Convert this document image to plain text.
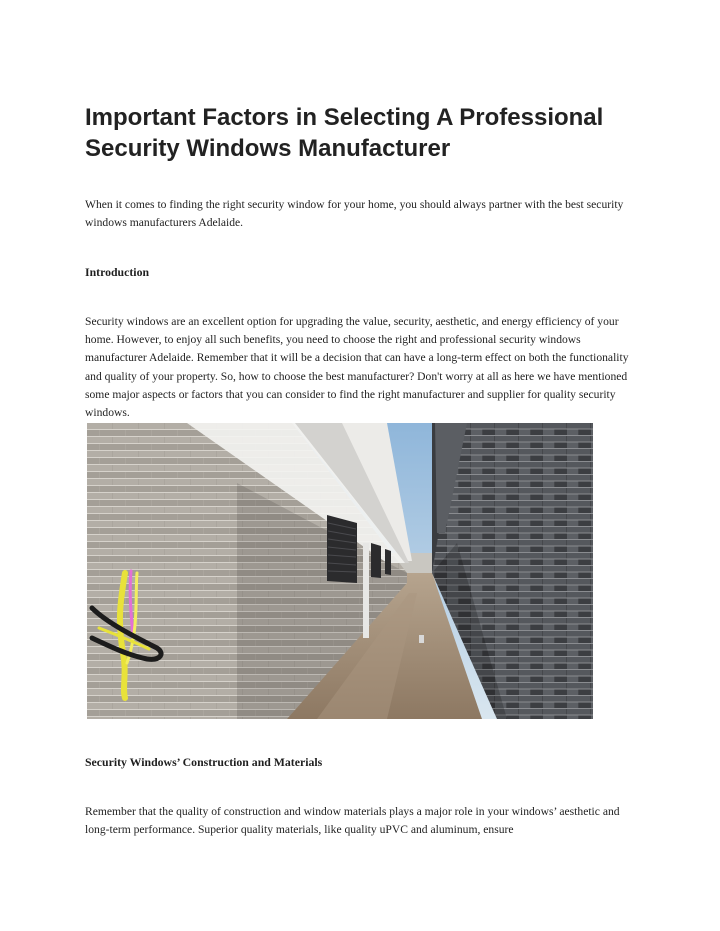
Important Factors in Selecting A Professional Security Windows Manufacturer

When it comes to finding the right security window for your home, you should always partner with the best security windows manufacturers Adelaide.

Introduction

Security windows are an excellent option for upgrading the value, security, aesthetic, and energy efficiency of your home. However, to enjoy all such benefits, you need to choose the right and professional security windows manufacturer Adelaide. Remember that it will be a decision that can have a long-term effect on both the functionality and quality of your property. So, how to choose the best manufacturer? Don't worry at all as here we have mentioned some major aspects or factors that you can consider to find the right manufacturer and supplier for quality security windows.

Security Windows’ Construction and Materials

Remember that the quality of construction and window materials plays a major role in your windows’ aesthetic and long-term performance. Superior quality materials, like quality uPVC and aluminum, ensure
